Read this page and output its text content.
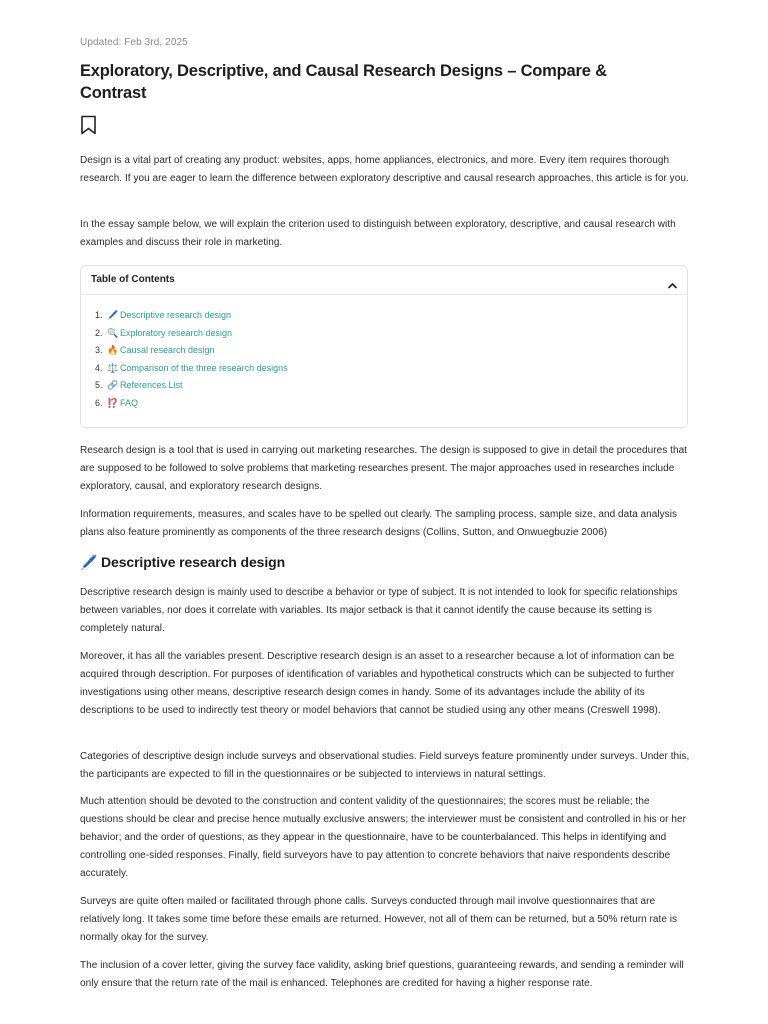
Updated: Feb 3rd, 2025
Exploratory, Descriptive, and Causal Research Designs – Compare & Contrast

Design is a vital part of creating any product: websites, apps, home appliances, electronics, and more. Every item requires thorough research. If you are eager to learn the difference between exploratory descriptive and causal research approaches, this article is for you.

In the essay sample below, we will explain the criterion used to distinguish between exploratory, descriptive, and causal research with examples and discuss their role in marketing.

Table of Contents
1. 🖊️ Descriptive research design
2. 🔍 Exploratory research design
3. 🔥 Causal research design
4. ⚖️ Comparison of the three research designs
5. 🔗 References List
6. ⁉️ FAQ

Research design is a tool that is used in carrying out marketing researches. The design is supposed to give in detail the procedures that are supposed to be followed to solve problems that marketing researches present. The major approaches used in researches include exploratory, causal, and exploratory research designs.

Information requirements, measures, and scales have to be spelled out clearly. The sampling process, sample size, and data analysis plans also feature prominently as components of the three research designs (Collins, Sutton, and Onwuegbuzie 2006)

🖊️ Descriptive research design

Descriptive research design is mainly used to describe a behavior or type of subject. It is not intended to look for specific relationships between variables, nor does it correlate with variables. Its major setback is that it cannot identify the cause because its setting is completely natural.

Moreover, it has all the variables present. Descriptive research design is an asset to a researcher because a lot of information can be acquired through description. For purposes of identification of variables and hypothetical constructs which can be subjected to further investigations using other means, descriptive research design comes in handy. Some of its advantages include the ability of its descriptions to be used to indirectly test theory or model behaviors that cannot be studied using any other means (Creswell 1998).

Categories of descriptive design include surveys and observational studies. Field surveys feature prominently under surveys. Under this, the participants are expected to fill in the questionnaires or be subjected to interviews in natural settings.

Much attention should be devoted to the construction and content validity of the questionnaires; the scores must be reliable; the questions should be clear and precise hence mutually exclusive answers; the interviewer must be consistent and controlled in his or her behavior; and the order of questions, as they appear in the questionnaire, have to be counterbalanced. This helps in identifying and controlling one-sided responses. Finally, field surveyors have to pay attention to concrete behaviors that naive respondents describe accurately.

Surveys are quite often mailed or facilitated through phone calls. Surveys conducted through mail involve questionnaires that are relatively long. It takes some time before these emails are returned. However, not all of them can be returned, but a 50% return rate is normally okay for the survey.

The inclusion of a cover letter, giving the survey face validity, asking brief questions, guaranteeing rewards, and sending a reminder will only ensure that the return rate of the mail is enhanced. Telephones are credited for having a higher response rate.
